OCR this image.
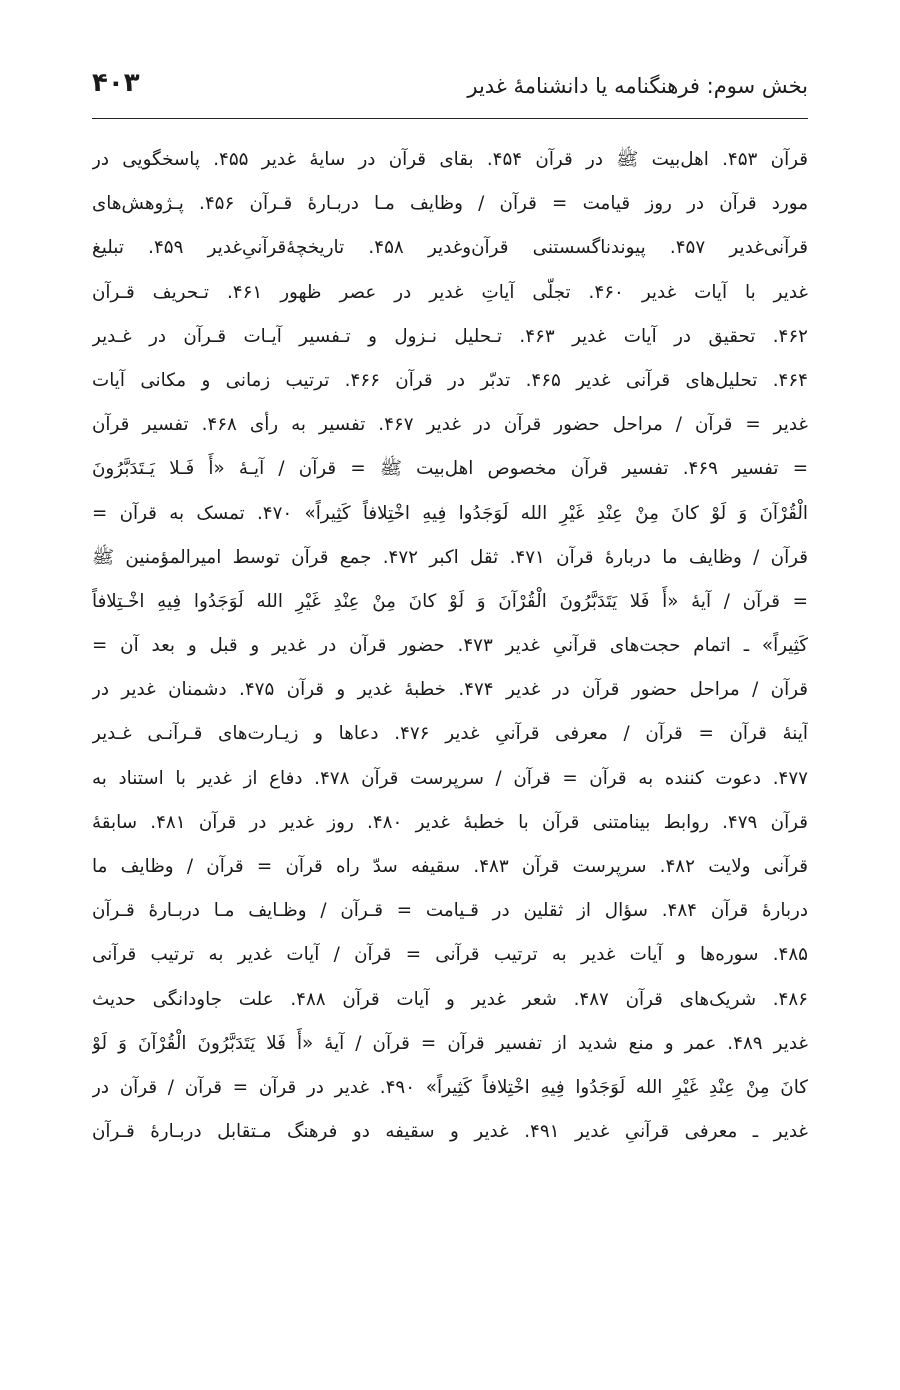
بخش سوم: فرهنگنامه یا دانشنامهٔ غدیر
۴۰۳
قرآن ۴۵۳. اهل‌بیت ﷺ در قرآن ۴۵۴. بقای قرآن در سایهٔ غدیر ۴۵۵. پاسخگویی در
مورد قرآن در روز قیامت = قرآن / وظایف مـا دربـارهٔ قـرآن ۴۵۶. پـژوهش‌های
قرآنی‌غدیر ۴۵۷. پیوندناگسستنی قرآن‌وغدیر ۴۵۸. تاریخچهٔ‌قرآنیِ‌غدیر ۴۵۹. تبلیغ
غدیر با آیات غدیر ۴۶۰. تجلّی آیاتِ غدیر در عصر ظهور ۴۶۱. تـحریف قـرآن
۴۶۲. تحقیق در آیات غدیر ۴۶۳. تـحلیل نـزول و تـفسیر آیـات قـرآن در غـدیر
۴۶۴. تحلیل‌های قرآنی غدیر ۴۶۵. تدبّر در قرآن ۴۶۶. ترتیب زمانی و مکانی آیات
غدیر = قرآن / مراحل حضور قرآن در غدیر ۴۶۷. تفسیر به رأی ۴۶۸. تفسیر قرآن
= تفسیر ۴۶۹. تفسیر قرآن مخصوص اهل‌بیت ﷺ = قرآن / آیـهٔ «أَ فَـلا یَـتَدَبَّرُونَ
الْقُرْآنَ وَ لَوْ کانَ مِنْ عِنْدِ غَیْرِ الله لَوَجَدُوا فِیهِ اخْتِلافاً کَثِیراً» ۴۷۰. تمسک به قرآن =
قرآن / وظایف ما دربارهٔ قرآن ۴۷۱. ثقل اکبر ۴۷۲. جمع قرآن توسط امیرالمؤمنین ﷺ
= قرآن / آیهٔ «أَ فَلا یَتَدَبَّرُونَ الْقُرْآنَ وَ لَوْ کانَ مِنْ عِنْدِ غَیْرِ الله لَوَجَدُوا فِیهِ اخْـتِلافاً
کَثِیراً» ـ اتمام حجت‌های قرآنیِ غدیر ۴۷۳. حضور قرآن در غدیر و قبل و بعد آن =
قرآن / مراحل حضور قرآن در غدیر ۴۷۴. خطبهٔ غدیر و قرآن ۴۷۵. دشمنان غدیر در
آینهٔ قرآن = قرآن / معرفی قرآنیِ غدیر ۴۷۶. دعاها و زیـارت‌های قـرآنـی غـدیر
۴۷۷. دعوت کننده به قرآن = قرآن / سرپرست قرآن ۴۷۸. دفاع از غدیر با استناد به
قرآن ۴۷۹. روابط بینامتنی قرآن با خطبهٔ غدیر ۴۸۰. روز غدیر در قرآن ۴۸۱. سابقهٔ
قرآنی ولایت ۴۸۲. سرپرست قرآن ۴۸۳. سقیفه سدّ راه قرآن = قرآن / وظایف ما
دربارهٔ قرآن ۴۸۴. سؤال از ثقلین در قـیامت = قـرآن / وظـایف مـا دربـارهٔ قـرآن
۴۸۵. سوره‌ها و آیات غدیر به ترتیب قرآنی = قرآن / آیات غدیر به ترتیب قرآنی
۴۸۶. شریک‌های قرآن ۴۸۷. شعر غدیر و آیات قرآن ۴۸۸. علت جاودانگی حدیث
غدیر ۴۸۹. عمر و منع شدید از تفسیر قرآن = قرآن / آیهٔ «أَ فَلا یَتَدَبَّرُونَ الْقُرْآنَ وَ لَوْ
کانَ مِنْ عِنْدِ غَیْرِ الله لَوَجَدُوا فِیهِ اخْتِلافاً کَثِیراً» ۴۹۰. غدیر در قرآن = قرآن / قرآن در
غدیر ـ معرفی قرآنیِ غدیر ۴۹۱. غدیر و سقیفه دو فرهنگ مـتقابل دربـارهٔ قـرآن
